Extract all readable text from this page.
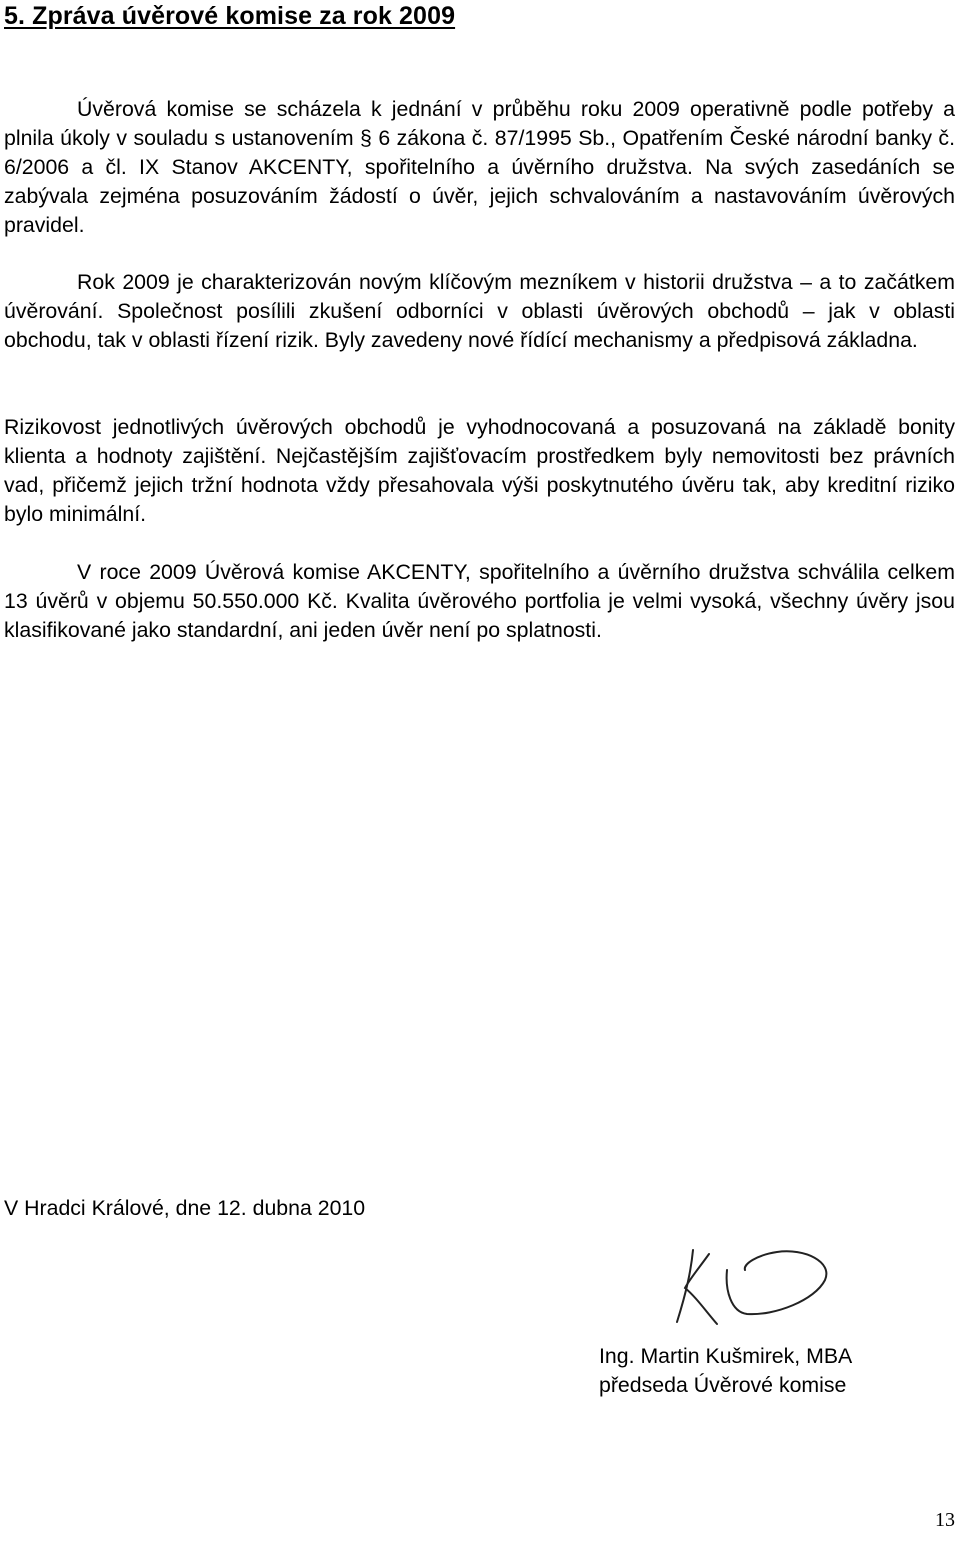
5. Zpráva úvěrové komise za rok 2009

Úvěrová komise se scházela k jednání v průběhu roku 2009 operativně podle potřeby a plnila úkoly v souladu s ustanovením § 6 zákona č. 87/1995 Sb., Opatřením České národní banky č. 6/2006 a čl. IX Stanov AKCENTY, spořitelního a úvěrního družstva. Na svých zasedáních se zabývala zejména posuzováním žádostí o úvěr, jejich schvalováním a nastavováním úvěrových pravidel.

Rok 2009 je charakterizován novým klíčovým mezníkem v historii družstva – a to začátkem úvěrování. Společnost posílili zkušení odborníci v oblasti úvěrových obchodů – jak v oblasti obchodu, tak v oblasti řízení rizik. Byly zavedeny nové řídící mechanismy a předpisová základna.

Rizikovost jednotlivých úvěrových obchodů je vyhodnocovaná a posuzovaná na základě bonity klienta a hodnoty zajištění. Nejčastějším zajišťovacím prostředkem byly nemovitosti bez právních vad, přičemž jejich tržní hodnota vždy přesahovala výši poskytnutého úvěru tak, aby kreditní riziko bylo minimální.

V roce 2009 Úvěrová komise AKCENTY, spořitelního a úvěrního družstva schválila celkem 13 úvěrů v objemu 50.550.000 Kč. Kvalita úvěrového portfolia je velmi vysoká, všechny úvěry jsou klasifikované jako standardní, ani jeden úvěr není po splatnosti.

V Hradci Králové, dne 12. dubna 2010
Ing. Martin Kušmirek, MBA
předseda Úvěrové komise
13
